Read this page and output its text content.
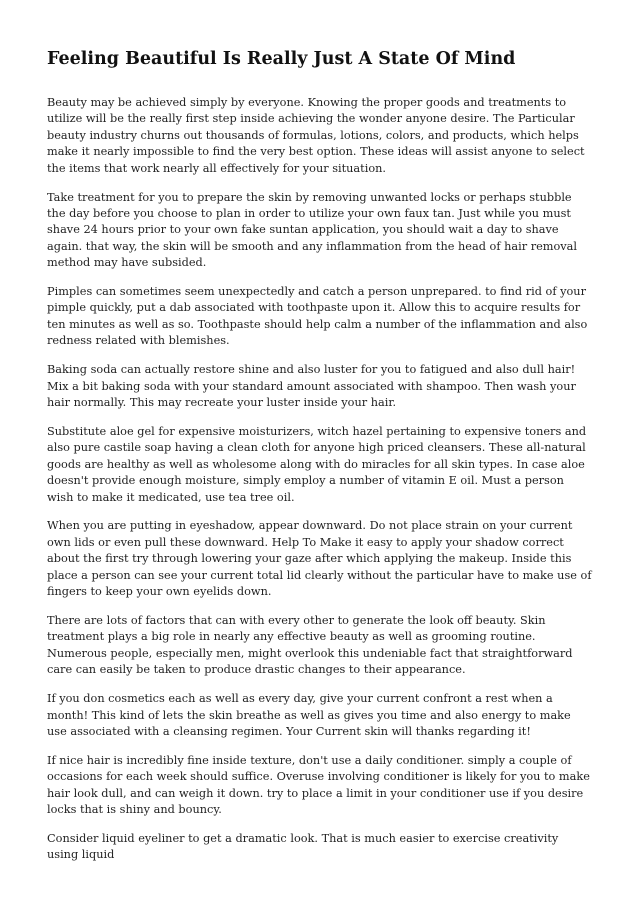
Feeling Beautiful Is Really Just A State Of Mind

Beauty may be achieved simply by everyone. Knowing the proper goods and treatments to utilize will be the really first step inside achieving the wonder anyone desire. The Particular beauty industry churns out thousands of formulas, lotions, colors, and products, which helps make it nearly impossible to find the very best option. These ideas will assist anyone to select the items that work nearly all effectively for your situation.

Take treatment for you to prepare the skin by removing unwanted locks or perhaps stubble the day before you choose to plan in order to utilize your own faux tan. Just while you must shave 24 hours prior to your own fake suntan application, you should wait a day to shave again. that way, the skin will be smooth and any inflammation from the head of hair removal method may have subsided.

Pimples can sometimes seem unexpectedly and catch a person unprepared. to find rid of your pimple quickly, put a dab associated with toothpaste upon it. Allow this to acquire results for ten minutes as well as so. Toothpaste should help calm a number of the inflammation and also redness related with blemishes.

Baking soda can actually restore shine and also luster for you to fatigued and also dull hair! Mix a bit baking soda with your standard amount associated with shampoo. Then wash your hair normally. This may recreate your luster inside your hair.

Substitute aloe gel for expensive moisturizers, witch hazel pertaining to expensive toners and also pure castile soap having a clean cloth for anyone high priced cleansers. These all-natural goods are healthy as well as wholesome along with do miracles for all skin types. In case aloe doesn't provide enough moisture, simply employ a number of vitamin E oil. Must a person wish to make it medicated, use tea tree oil.

When you are putting in eyeshadow, appear downward. Do not place strain on your current own lids or even pull these downward. Help To Make it easy to apply your shadow correct about the first try through lowering your gaze after which applying the makeup. Inside this place a person can see your current total lid clearly without the particular have to make use of fingers to keep your own eyelids down.

There are lots of factors that can with every other to generate the look off beauty. Skin treatment plays a big role in nearly any effective beauty as well as grooming routine. Numerous people, especially men, might overlook this undeniable fact that straightforward care can easily be taken to produce drastic changes to their appearance.

If you don cosmetics each as well as every day, give your current confront a rest when a month! This kind of lets the skin breathe as well as gives you time and also energy to make use associated with a cleansing regimen. Your Current skin will thanks regarding it!

If nice hair is incredibly fine inside texture, don't use a daily conditioner. simply a couple of occasions for each week should suffice. Overuse involving conditioner is likely for you to make hair look dull, and can weigh it down. try to place a limit in your conditioner use if you desire locks that is shiny and bouncy.

Consider liquid eyeliner to get a dramatic look. That is much easier to exercise creativity using liquid
